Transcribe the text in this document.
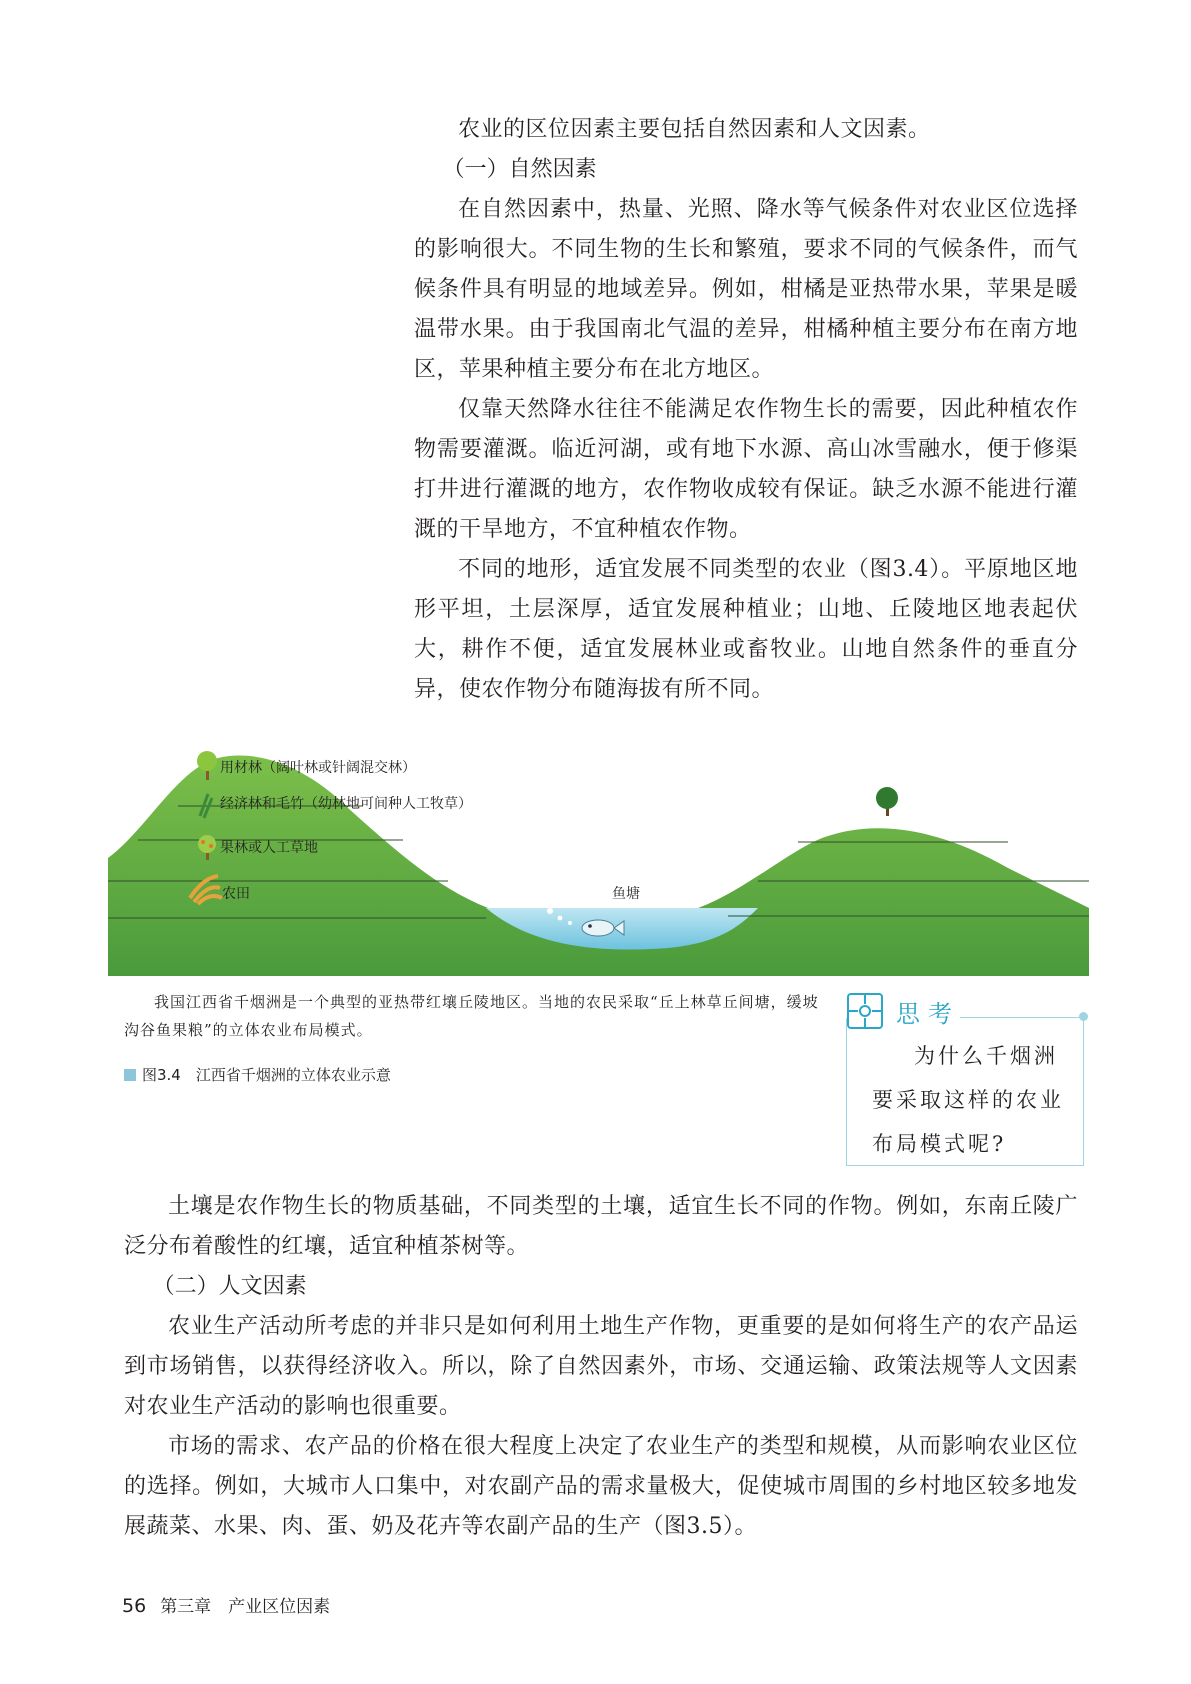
农业的区位因素主要包括自然因素和人文因素。

（一）自然因素

在自然因素中，热量、光照、降水等气候条件对农业区位选择的影响很大。不同生物的生长和繁殖，要求不同的气候条件，而气候条件具有明显的地域差异。例如，柑橘是亚热带水果，苹果是暖温带水果。由于我国南北气温的差异，柑橘种植主要分布在南方地区，苹果种植主要分布在北方地区。

仅靠天然降水往往不能满足农作物生长的需要，因此种植农作物需要灌溉。临近河湖，或有地下水源、高山冰雪融水，便于修渠打井进行灌溉的地方，农作物收成较有保证。缺乏水源不能进行灌溉的干旱地方，不宜种植农作物。

不同的地形，适宜发展不同类型的农业（图3.4）。平原地区地形平坦，土层深厚，适宜发展种植业；山地、丘陵地区地表起伏大，耕作不便，适宜发展林业或畜牧业。山地自然条件的垂直分异，使农作物分布随海拔有所不同。

用材林（阔叶林或针阔混交林）
经济林和毛竹（幼林地可间种人工牧草）
果林或人工草地
农田	鱼塘

我国江西省千烟洲是一个典型的亚热带红壤丘陵地区。当地的农民采取“丘上林草丘间塘，缓坡沟谷鱼果粮”的立体农业布局模式。

图3.4　江西省千烟洲的立体农业示意
思考

为什么千烟洲要采取这样的农业布局模式呢?

土壤是农作物生长的物质基础，不同类型的土壤，适宜生长不同的作物。例如，东南丘陵广泛分布着酸性的红壤，适宜种植茶树等。

（二）人文因素

农业生产活动所考虑的并非只是如何利用土地生产作物，更重要的是如何将生产的农产品运到市场销售，以获得经济收入。所以，除了自然因素外，市场、交通运输、政策法规等人文因素对农业生产活动的影响也很重要。

市场的需求、农产品的价格在很大程度上决定了农业生产的类型和规模，从而影响农业区位的选择。例如，大城市人口集中，对农副产品的需求量极大，促使城市周围的乡村地区较多地发展蔬菜、水果、肉、蛋、奶及花卉等农副产品的生产（图3.5）。

56 第三章　产业区位因素
